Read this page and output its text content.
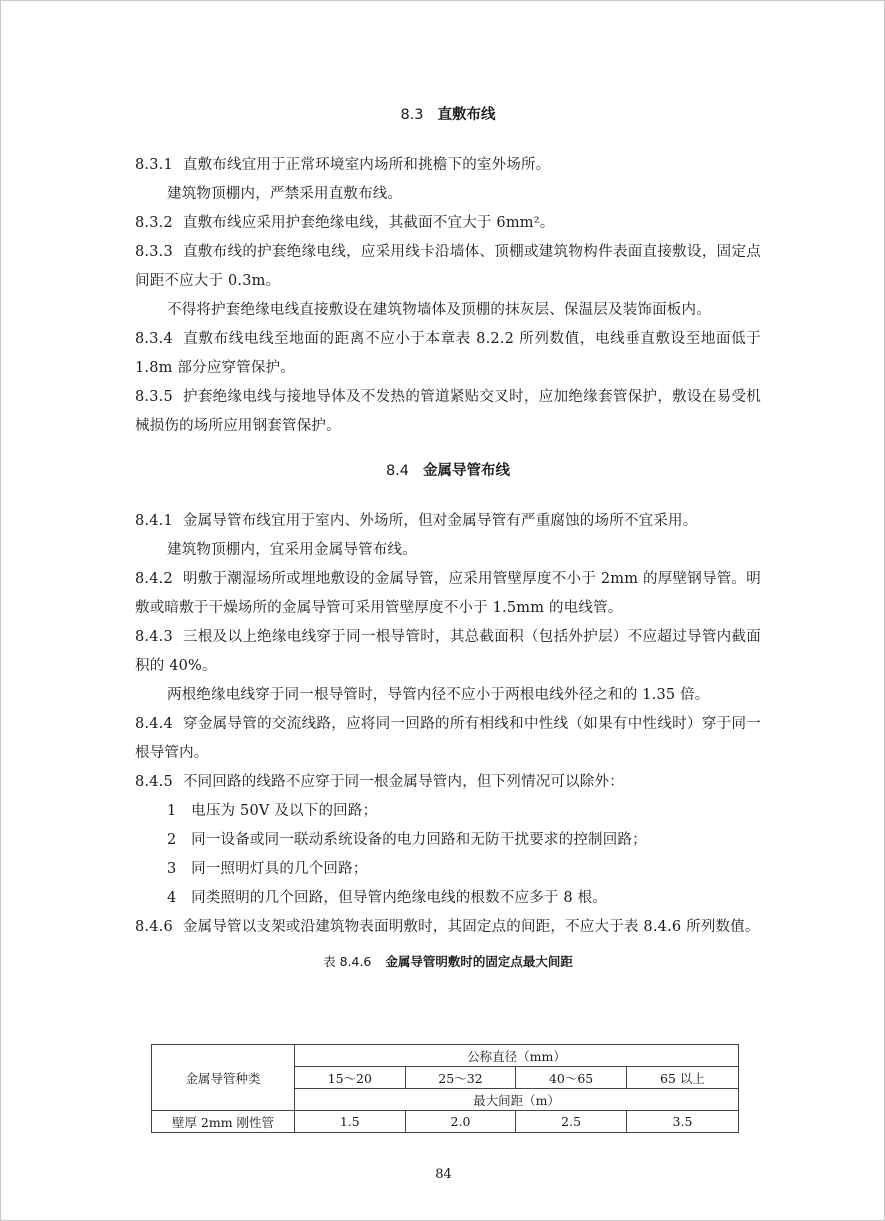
8.3 直敷布线

8.3.1 直敷布线宜用于正常环境室内场所和挑檐下的室外场所。

建筑物顶棚内，严禁采用直敷布线。

8.3.2 直敷布线应采用护套绝缘电线，其截面不宜大于 6mm²。

8.3.3 直敷布线的护套绝缘电线，应采用线卡沿墙体、顶棚或建筑物构件表面直接敷设，固定点间距不应大于 0.3m。

不得将护套绝缘电线直接敷设在建筑物墙体及顶棚的抹灰层、保温层及装饰面板内。

8.3.4 直敷布线电线至地面的距离不应小于本章表 8.2.2 所列数值，电线垂直敷设至地面低于 1.8m 部分应穿管保护。

8.3.5 护套绝缘电线与接地导体及不发热的管道紧贴交叉时，应加绝缘套管保护，敷设在易受机械损伤的场所应用钢套管保护。

8.4 金属导管布线

8.4.1 金属导管布线宜用于室内、外场所，但对金属导管有严重腐蚀的场所不宜采用。

建筑物顶棚内，宜采用金属导管布线。

8.4.2 明敷于潮湿场所或埋地敷设的金属导管，应采用管壁厚度不小于 2mm 的厚壁钢导管。明敷或暗敷于干燥场所的金属导管可采用管壁厚度不小于 1.5mm 的电线管。

8.4.3 三根及以上绝缘电线穿于同一根导管时，其总截面积（包括外护层）不应超过导管内截面积的 40%。

两根绝缘电线穿于同一根导管时，导管内径不应小于两根电线外径之和的 1.35 倍。

8.4.4 穿金属导管的交流线路，应将同一回路的所有相线和中性线（如果有中性线时）穿于同一根导管内。

8.4.5 不同回路的线路不应穿于同一根金属导管内，但下列情况可以除外：

1　电压为 50V 及以下的回路；

2　同一设备或同一联动系统设备的电力回路和无防干扰要求的控制回路；

3　同一照明灯具的几个回路；

4　同类照明的几个回路，但导管内绝缘电线的根数不应多于 8 根。

8.4.6 金属导管以支架或沿建筑物表面明敷时，其固定点的间距，不应大于表 8.4.6 所列数值。

表 8.4.6 金属导管明敷时的固定点最大间距
金属导管种类	公称直径（mm）			
	15～20	25～32	40～65	65 以上
	最大间距（m）			
壁厚 2mm 刚性管	1.5	2.0	2.5	3.5
84
